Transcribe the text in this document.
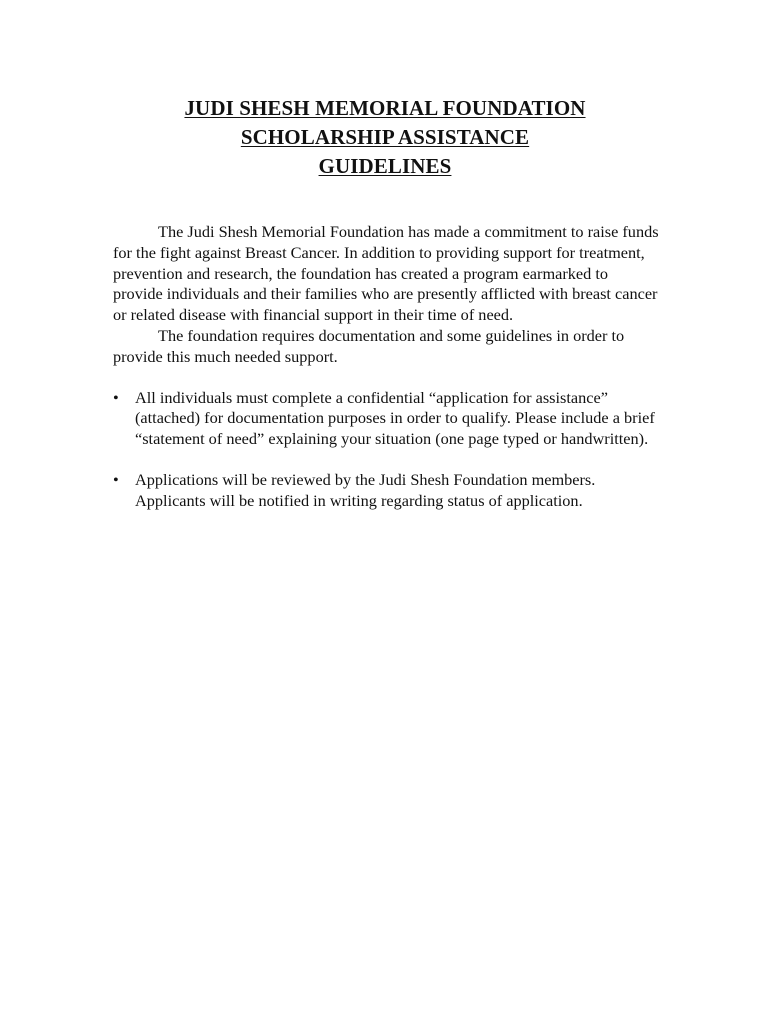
JUDI SHESH MEMORIAL FOUNDATION
SCHOLARSHIP ASSISTANCE
GUIDELINES

The Judi Shesh Memorial Foundation has made a commitment to raise funds for the fight against Breast Cancer. In addition to providing support for treatment, prevention and research, the foundation has created a program earmarked to provide individuals and their families who are presently afflicted with breast cancer or related disease with financial support in their time of need.

The foundation requires documentation and some guidelines in order to provide this much needed support.

• All individuals must complete a confidential “application for assistance” (attached) for documentation purposes in order to qualify. Please include a brief “statement of need” explaining your situation (one page typed or handwritten).
• Applications will be reviewed by the Judi Shesh Foundation members. Applicants will be notified in writing regarding status of application.
